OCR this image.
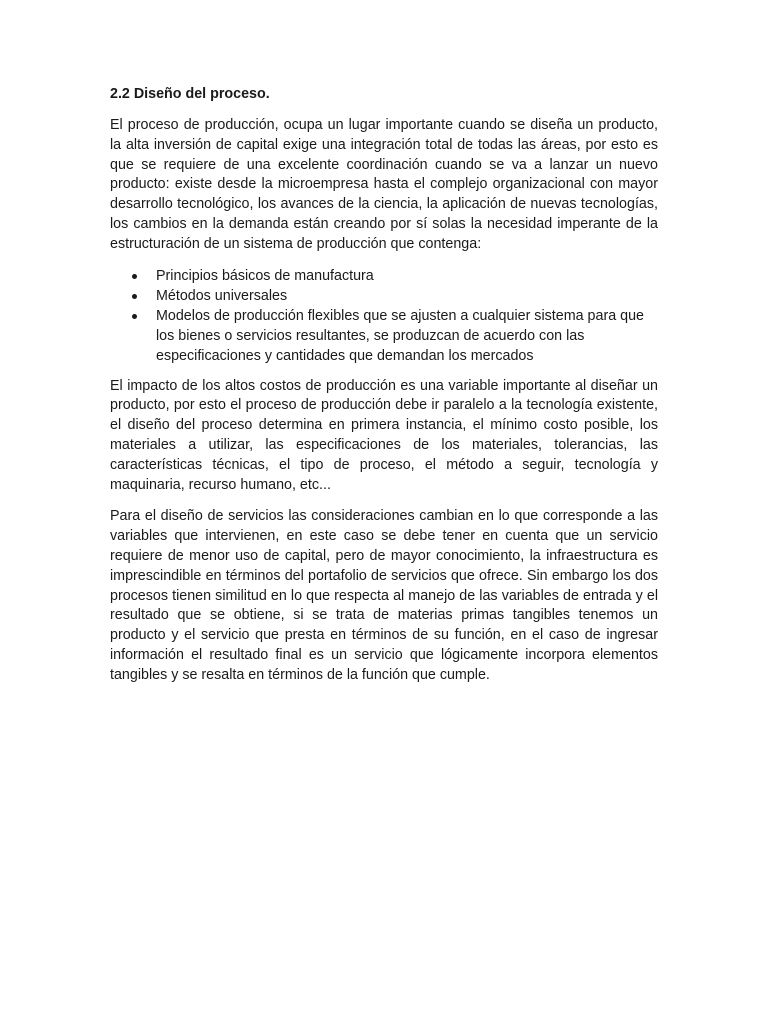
2.2 Diseño del proceso.

El proceso de producción, ocupa un lugar importante cuando se diseña un producto, la alta inversión de capital exige una integración total de todas las áreas, por esto es que se requiere de una excelente coordinación cuando se va a lanzar un nuevo producto: existe desde la microempresa hasta el complejo organizacional con mayor desarrollo tecnológico, los avances de la ciencia, la aplicación de nuevas tecnologías, los cambios en la demanda están creando por sí solas la necesidad imperante de la estructuración de un sistema de producción que contenga:

Principios básicos de manufactura
Métodos universales
Modelos de producción flexibles que se ajusten a cualquier sistema para que los bienes o servicios resultantes, se produzcan de acuerdo con las especificaciones y cantidades que demandan los mercados

El impacto de los altos costos de producción es una variable importante al diseñar un producto, por esto el proceso de producción debe ir paralelo a la tecnología existente, el diseño del proceso determina en primera instancia, el mínimo costo posible, los materiales a utilizar, las especificaciones de los materiales, tolerancias, las características técnicas, el tipo de proceso, el método a seguir, tecnología y maquinaria, recurso humano, etc...

Para el diseño de servicios las consideraciones cambian en lo que corresponde a las variables que intervienen, en este caso se debe tener en cuenta que un servicio requiere de menor uso de capital, pero de mayor conocimiento, la infraestructura es imprescindible en términos del portafolio de servicios que ofrece. Sin embargo los dos procesos tienen similitud en lo que respecta al manejo de las variables de entrada y el resultado que se obtiene, si se trata de materias primas tangibles tenemos un producto y el servicio que presta en términos de su función, en el caso de ingresar información el resultado final es un servicio que lógicamente incorpora elementos tangibles y se resalta en términos de la función que cumple.
